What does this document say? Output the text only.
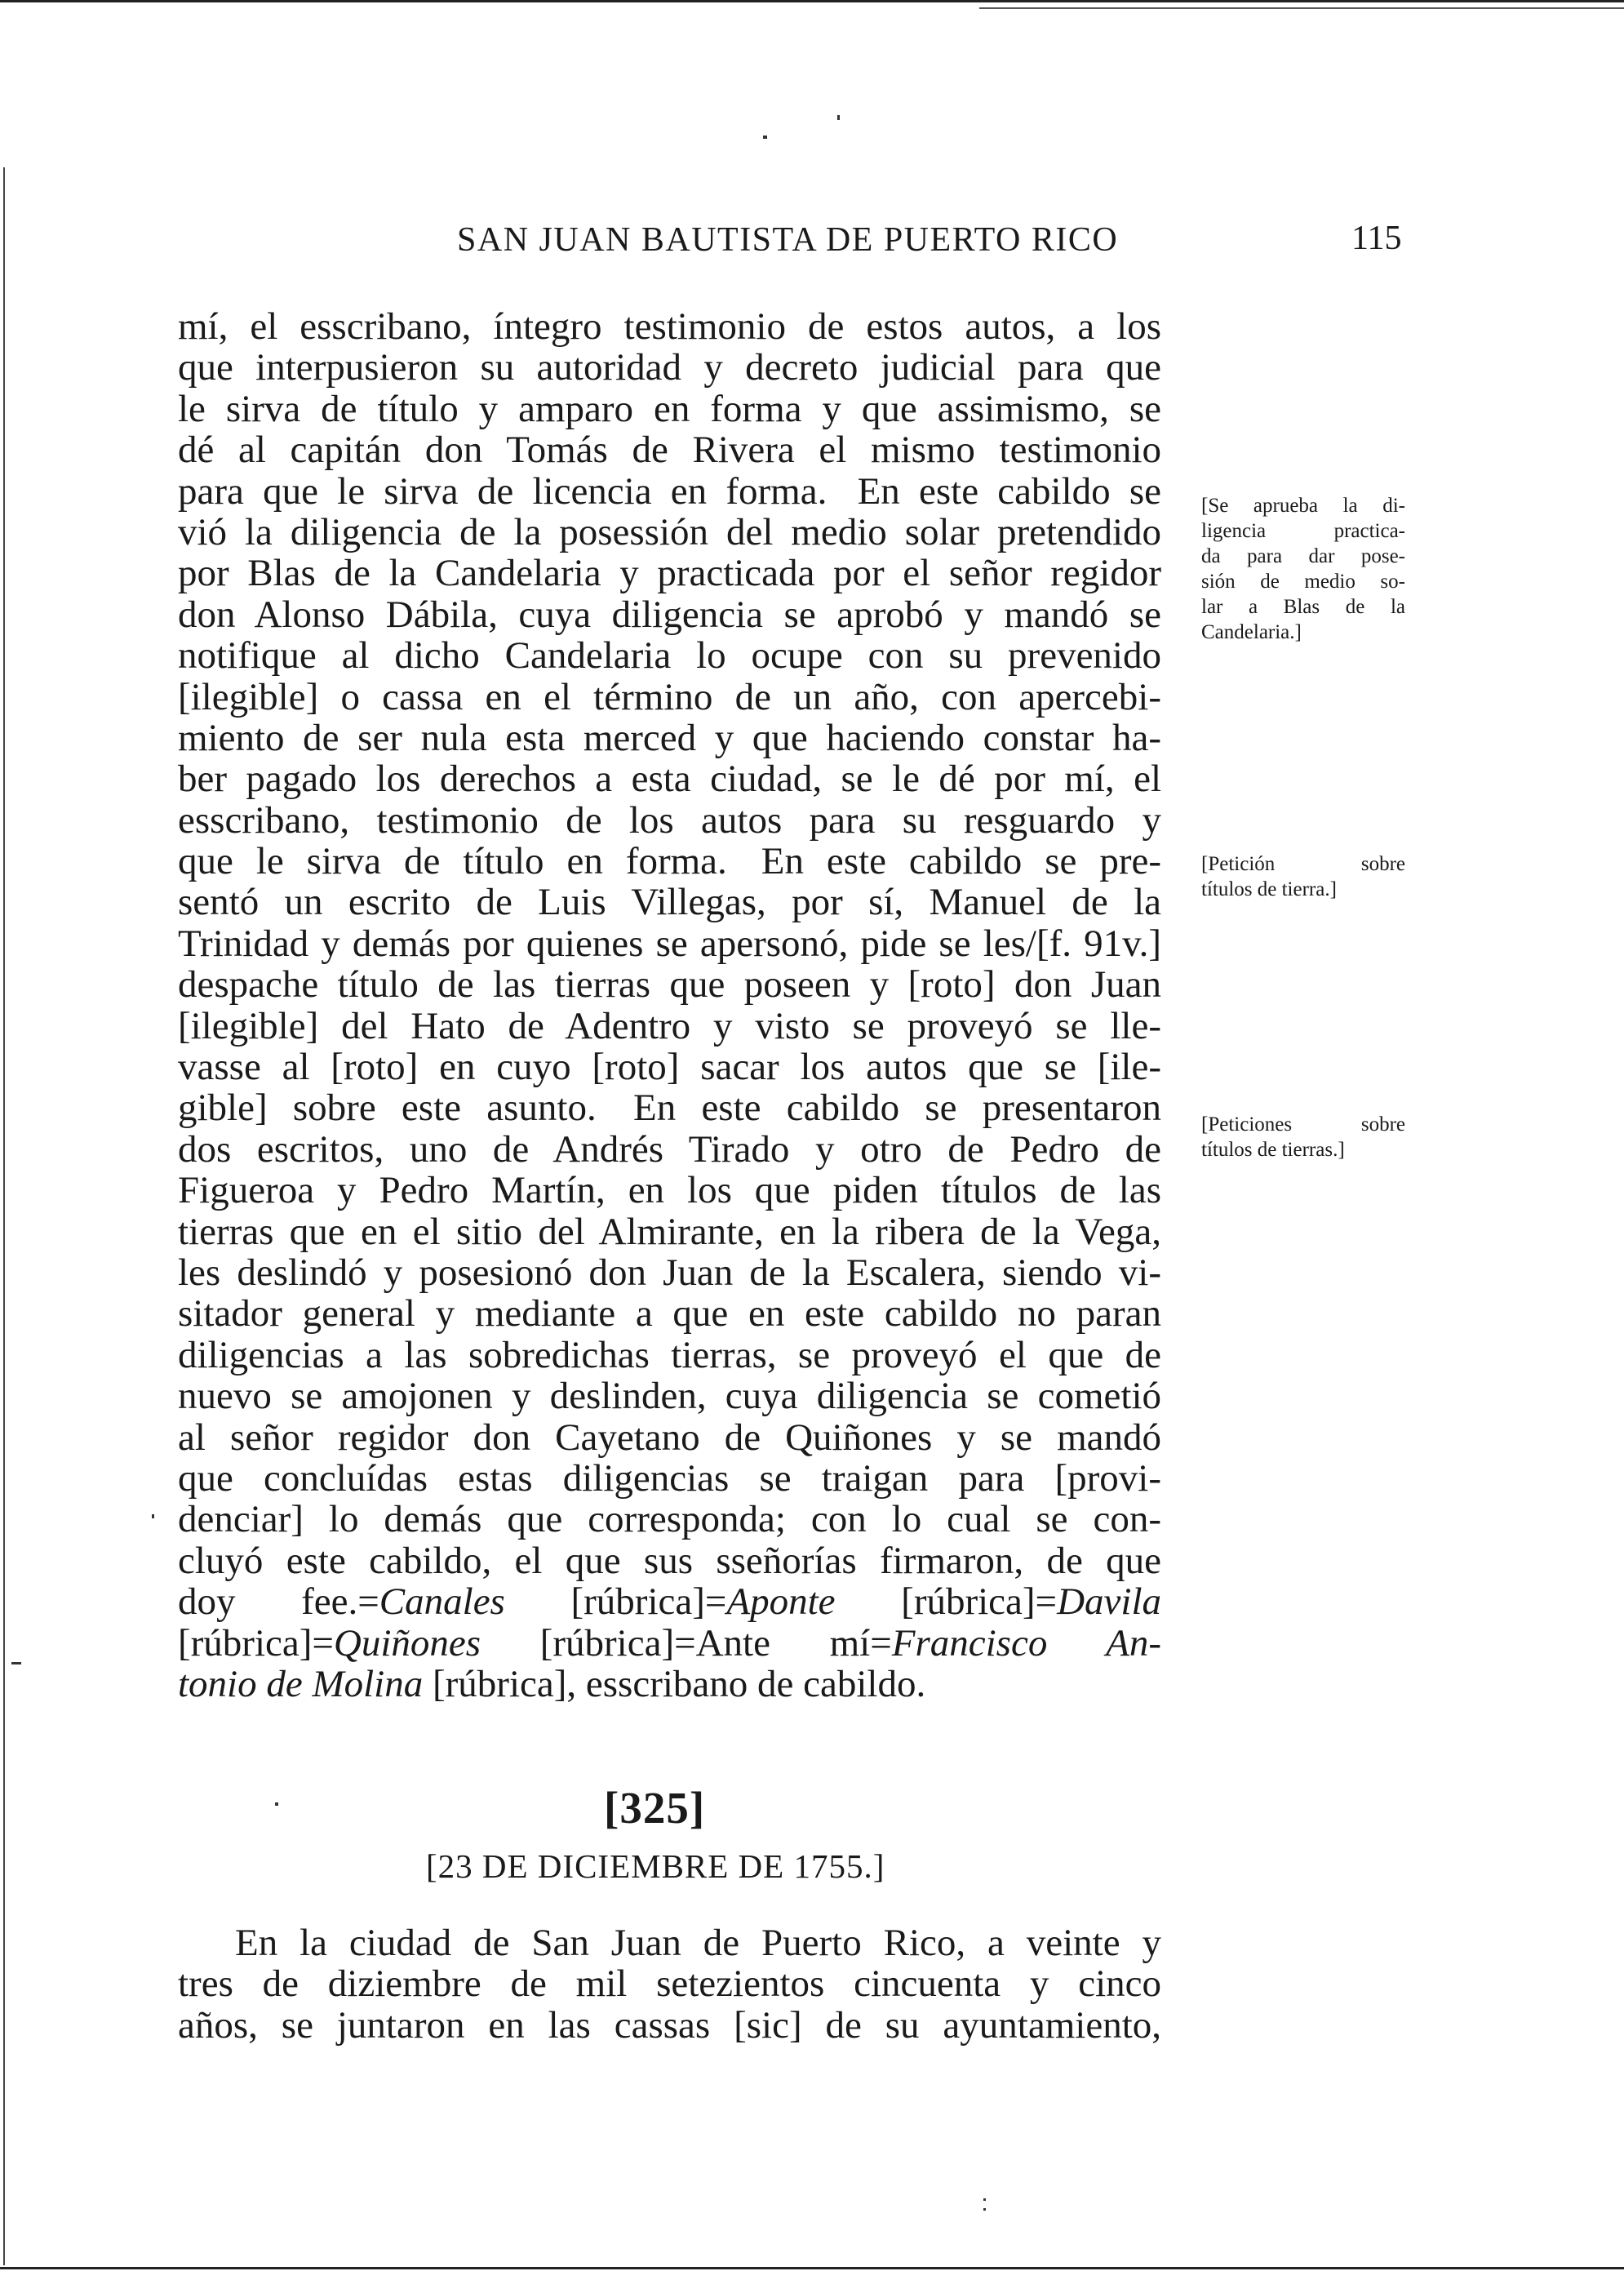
SAN JUAN BAUTISTA DE PUERTO RICO	115
mí, el esscribano, íntegro testimonio de estos autos, a los
que interpusieron su autoridad y decreto judicial para que
le sirva de título y amparo en forma y que assimismo, se
dé al capitán don Tomás de Rivera el mismo testimonio
para que le sirva de licencia en forma. En este cabildo se
vió la diligencia de la posessión del medio solar pretendido
por Blas de la Candelaria y practicada por el señor regidor
don Alonso Dábila, cuya diligencia se aprobó y mandó se
notifique al dicho Candelaria lo ocupe con su prevenido
[ilegible] o cassa en el término de un año, con apercebi-
miento de ser nula esta merced y que haciendo constar ha-
ber pagado los derechos a esta ciudad, se le dé por mí, el
esscribano, testimonio de los autos para su resguardo y
que le sirva de título en forma. En este cabildo se pre-
sentó un escrito de Luis Villegas, por sí, Manuel de la
Trinidad y demás por quienes se apersonó, pide se les/[f. 91v.]
despache título de las tierras que poseen y [roto] don Juan
[ilegible] del Hato de Adentro y visto se proveyó se lle-
vasse al [roto] en cuyo [roto] sacar los autos que se [ile-
gible] sobre este asunto. En este cabildo se presentaron
dos escritos, uno de Andrés Tirado y otro de Pedro de
Figueroa y Pedro Martín, en los que piden títulos de las
tierras que en el sitio del Almirante, en la ribera de la Vega,
les deslindó y posesionó don Juan de la Escalera, siendo vi-
sitador general y mediante a que en este cabildo no paran
diligencias a las sobredichas tierras, se proveyó el que de
nuevo se amojonen y deslinden, cuya diligencia se cometió
al señor regidor don Cayetano de Quiñones y se mandó
que concluídas estas diligencias se traigan para [provi-
denciar] lo demás que corresponda; con lo cual se con-
cluyó este cabildo, el que sus sseñorías firmaron, de que
doy fee.=Canales [rúbrica]=Aponte [rúbrica]=Davila
[rúbrica]=Quiñones [rúbrica]=Ante mí=Francisco An-
tonio de Molina [rúbrica], esscribano de cabildo.
[Se aprueba la di-
ligencia practica-
da para dar pose-
sión de medio so-
lar a Blas de la
Candelaria.]
[Petición sobre
títulos de tierra.]
[Peticiones sobre
títulos de tierras.]
[325]
[23 DE DICIEMBRE DE 1755.]
En la ciudad de San Juan de Puerto Rico, a veinte y
tres de diziembre de mil setezientos cincuenta y cinco
años, se juntaron en las cassas [sic] de su ayuntamiento,
